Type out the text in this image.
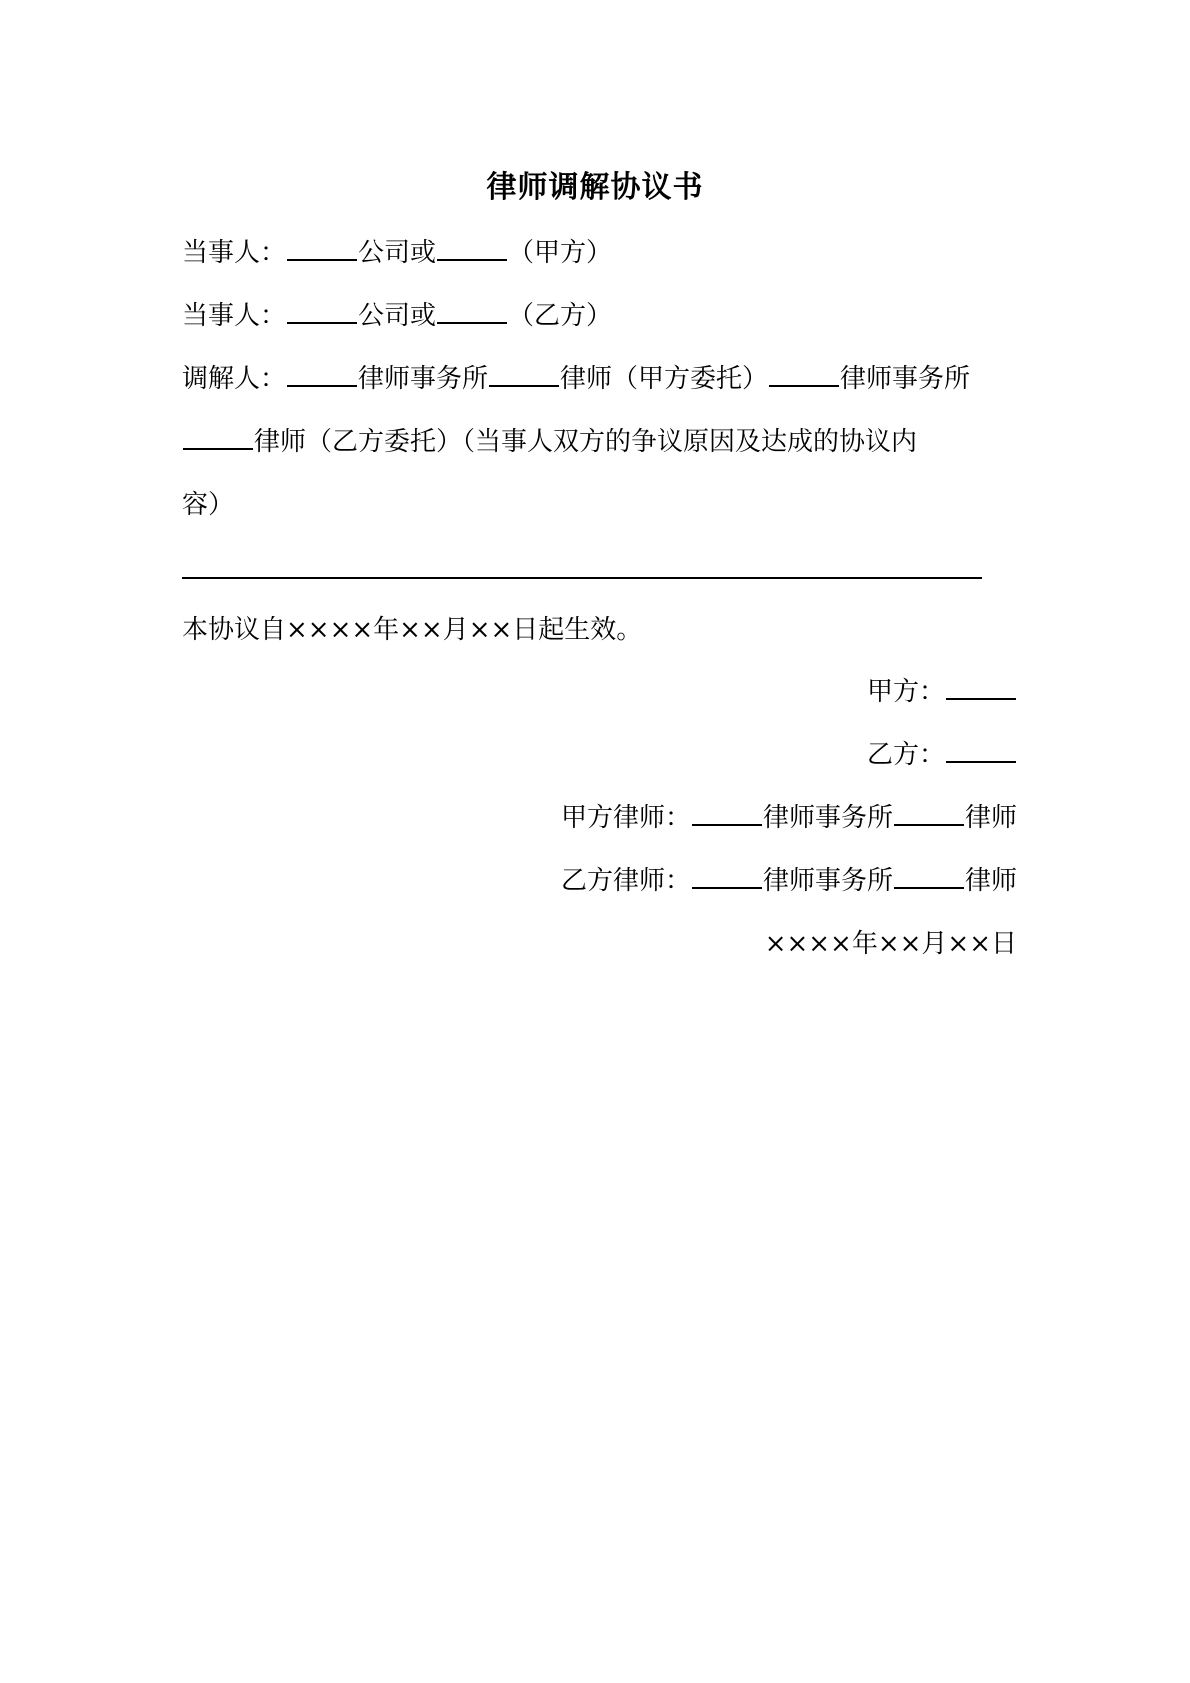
律师调解协议书
当事人：	公司或	（甲方）
当事人：	公司或	（乙方）
调解人：	律师事务所	律师（甲方委托）	律师事务所
律师（乙方委托）（当事人双方的争议原因及达成的协议内
容）
本协议自××××年××月××日起生效。
甲方：
乙方：
甲方律师：	律师事务所	律师
乙方律师：	律师事务所	律师
××××年××月××日
